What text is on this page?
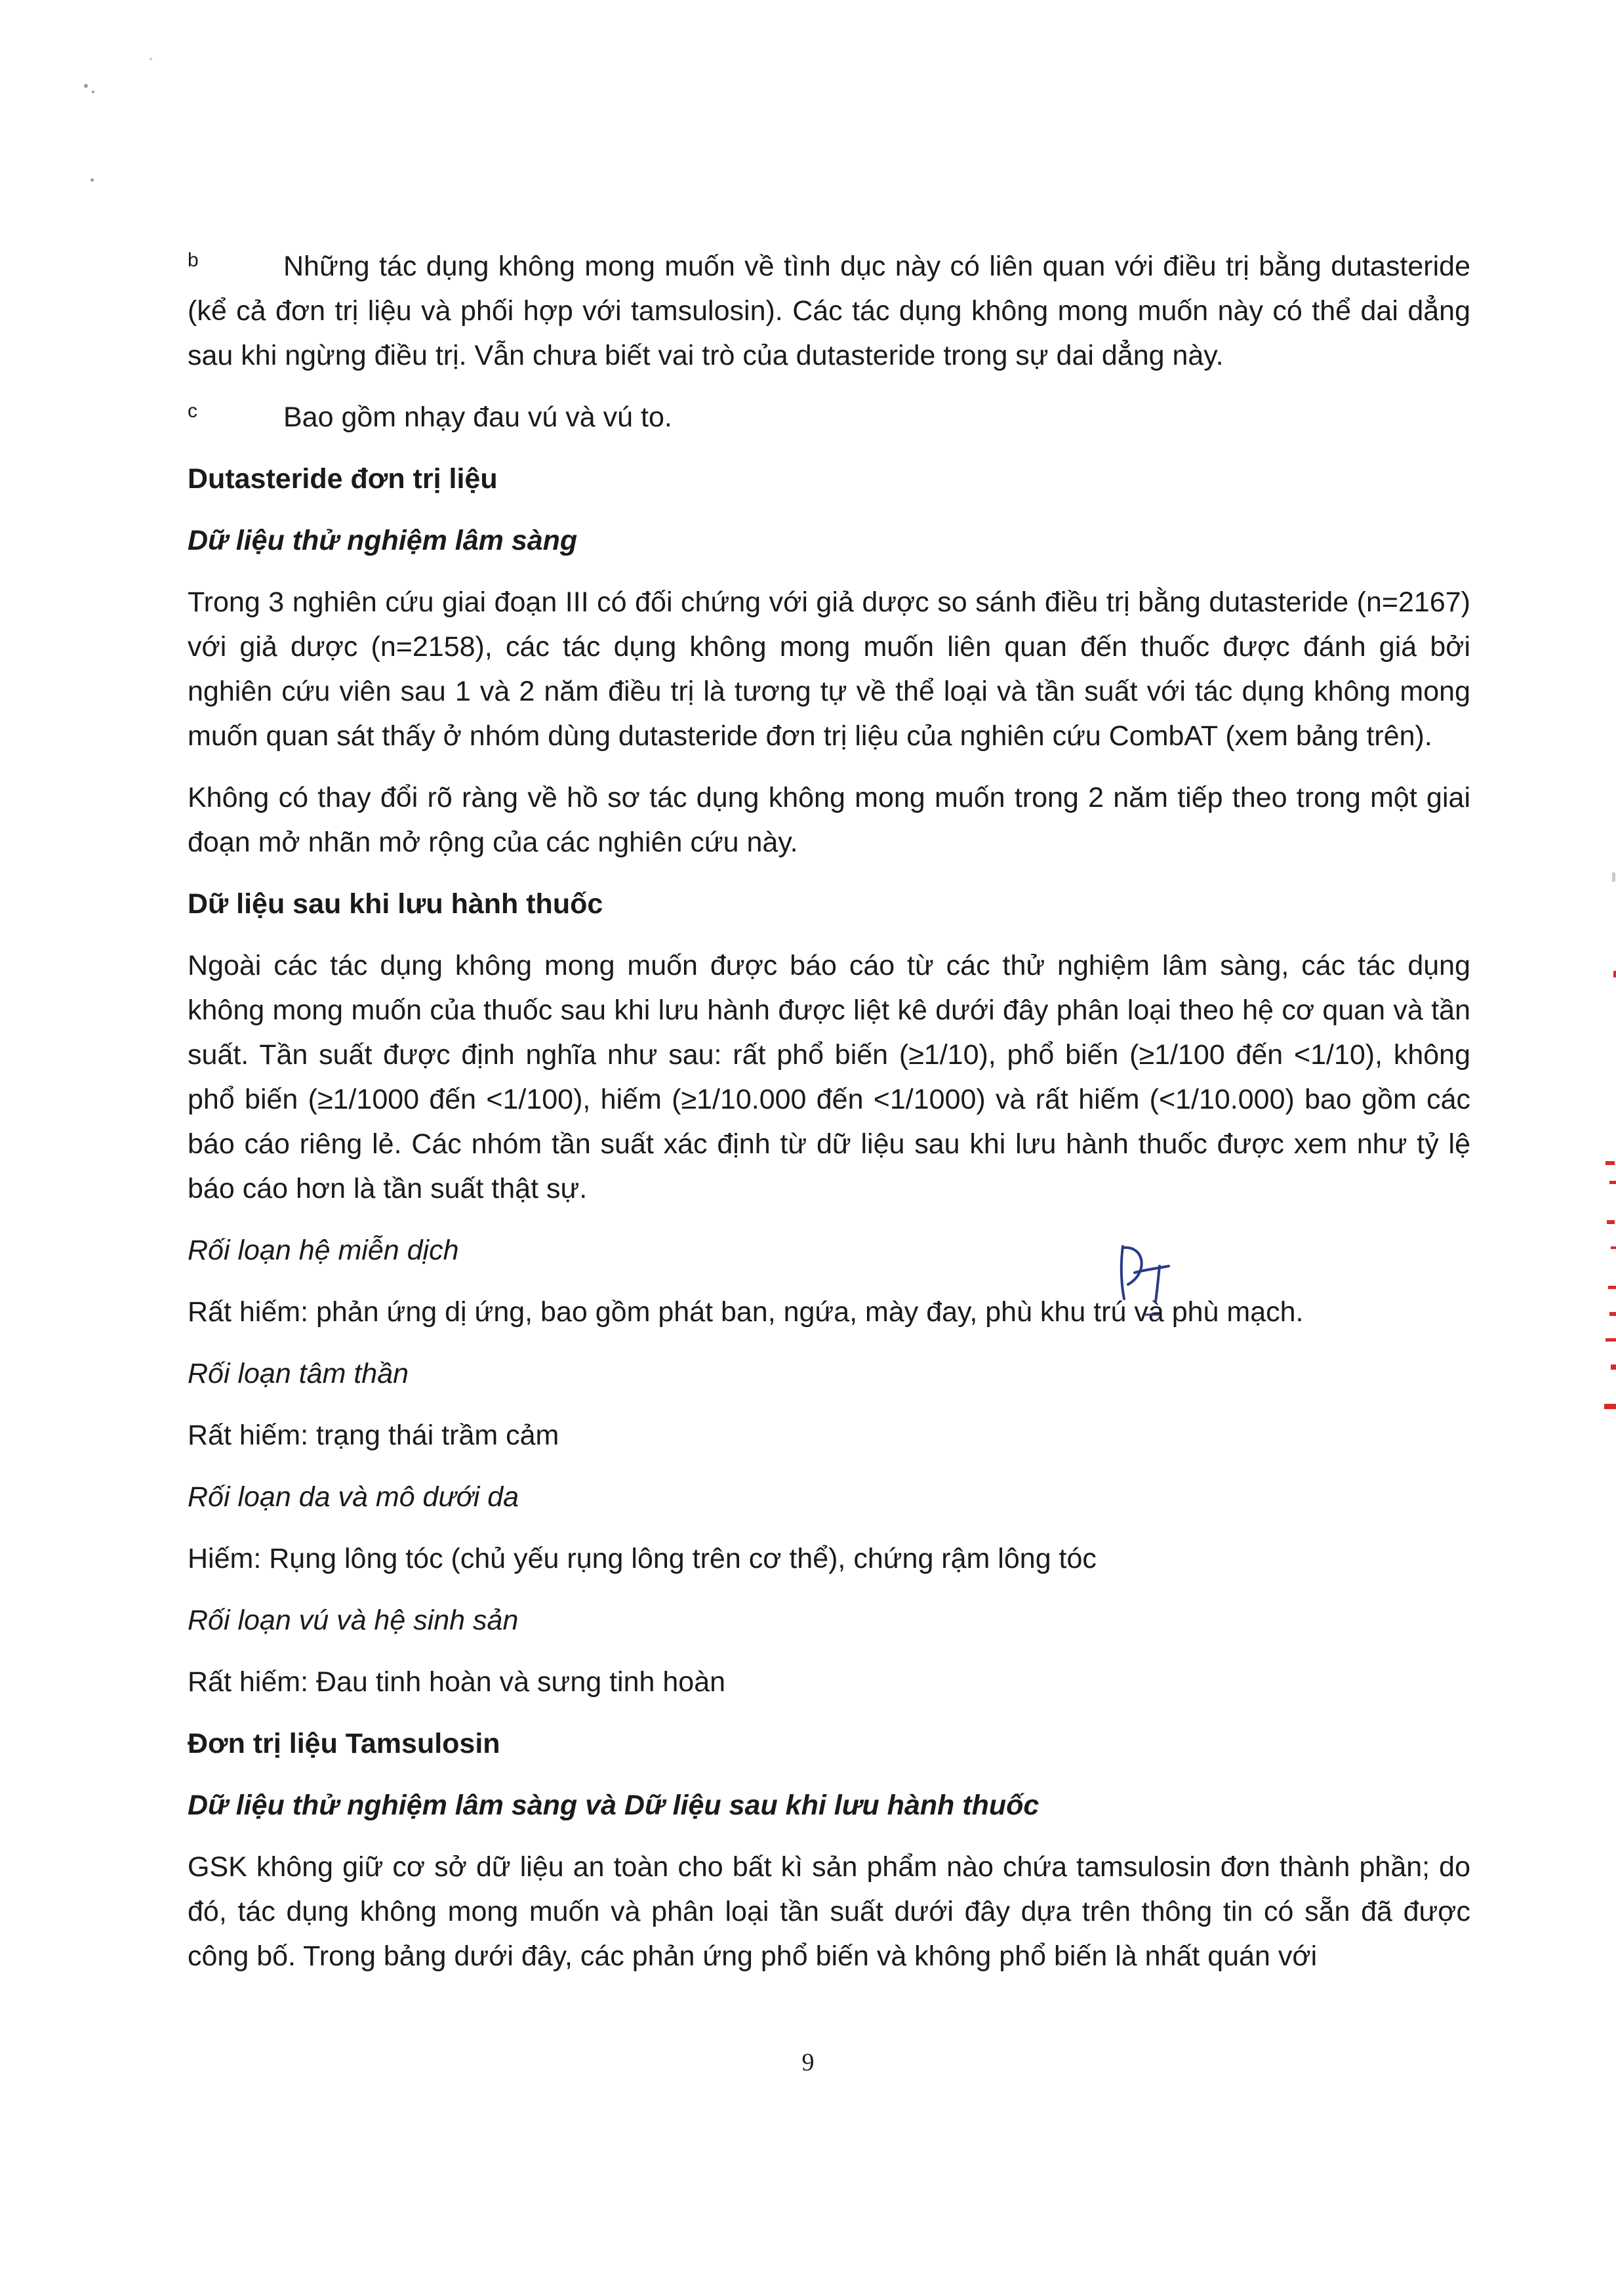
b	Những tác dụng không mong muốn về tình dục này có liên quan với điều trị bằng dutasteride (kể cả đơn trị liệu và phối hợp với tamsulosin). Các tác dụng không mong muốn này có thể dai dẳng sau khi ngừng điều trị. Vẫn chưa biết vai trò của dutasteride trong sự dai dẳng này.
c	Bao gồm nhạy đau vú và vú to.
Dutasteride đơn trị liệu
Dữ liệu thử nghiệm lâm sàng

Trong 3 nghiên cứu giai đoạn III có đối chứng với giả dược so sánh điều trị bằng dutasteride (n=2167) với giả dược (n=2158), các tác dụng không mong muốn liên quan đến thuốc được đánh giá bởi nghiên cứu viên sau 1 và 2 năm điều trị là tương tự về thể loại và tần suất với tác dụng không mong muốn quan sát thấy ở nhóm dùng dutasteride đơn trị liệu của nghiên cứu CombAT (xem bảng trên).

Không có thay đổi rõ ràng về hồ sơ tác dụng không mong muốn trong 2 năm tiếp theo trong một giai đoạn mở nhãn mở rộng của các nghiên cứu này.

Dữ liệu sau khi lưu hành thuốc

Ngoài các tác dụng không mong muốn được báo cáo từ các thử nghiệm lâm sàng, các tác dụng không mong muốn của thuốc sau khi lưu hành được liệt kê dưới đây phân loại theo hệ cơ quan và tần suất. Tần suất được định nghĩa như sau: rất phổ biến (≥1/10), phổ biến (≥1/100 đến <1/10), không phổ biến (≥1/1000 đến <1/100), hiếm (≥1/10.000 đến <1/1000) và rất hiếm (<1/10.000) bao gồm các báo cáo riêng lẻ. Các nhóm tần suất xác định từ dữ liệu sau khi lưu hành thuốc được xem như tỷ lệ báo cáo hơn là tần suất thật sự.

Rối loạn hệ miễn dịch

Rất hiếm: phản ứng dị ứng, bao gồm phát ban, ngứa, mày đay, phù khu trú và phù mạch.

Rối loạn tâm thần

Rất hiếm: trạng thái trầm cảm

Rối loạn da và mô dưới da

Hiếm: Rụng lông tóc (chủ yếu rụng lông trên cơ thể), chứng rậm lông tóc

Rối loạn vú và hệ sinh sản

Rất hiếm: Đau tinh hoàn và sưng tinh hoàn

Đơn trị liệu Tamsulosin
Dữ liệu thử nghiệm lâm sàng và Dữ liệu sau khi lưu hành thuốc

GSK không giữ cơ sở dữ liệu an toàn cho bất kì sản phẩm nào chứa tamsulosin đơn thành phần; do đó, tác dụng không mong muốn và phân loại tần suất dưới đây dựa trên thông tin có sẵn đã được công bố. Trong bảng dưới đây, các phản ứng phổ biến và không phổ biến là nhất quán với

9
